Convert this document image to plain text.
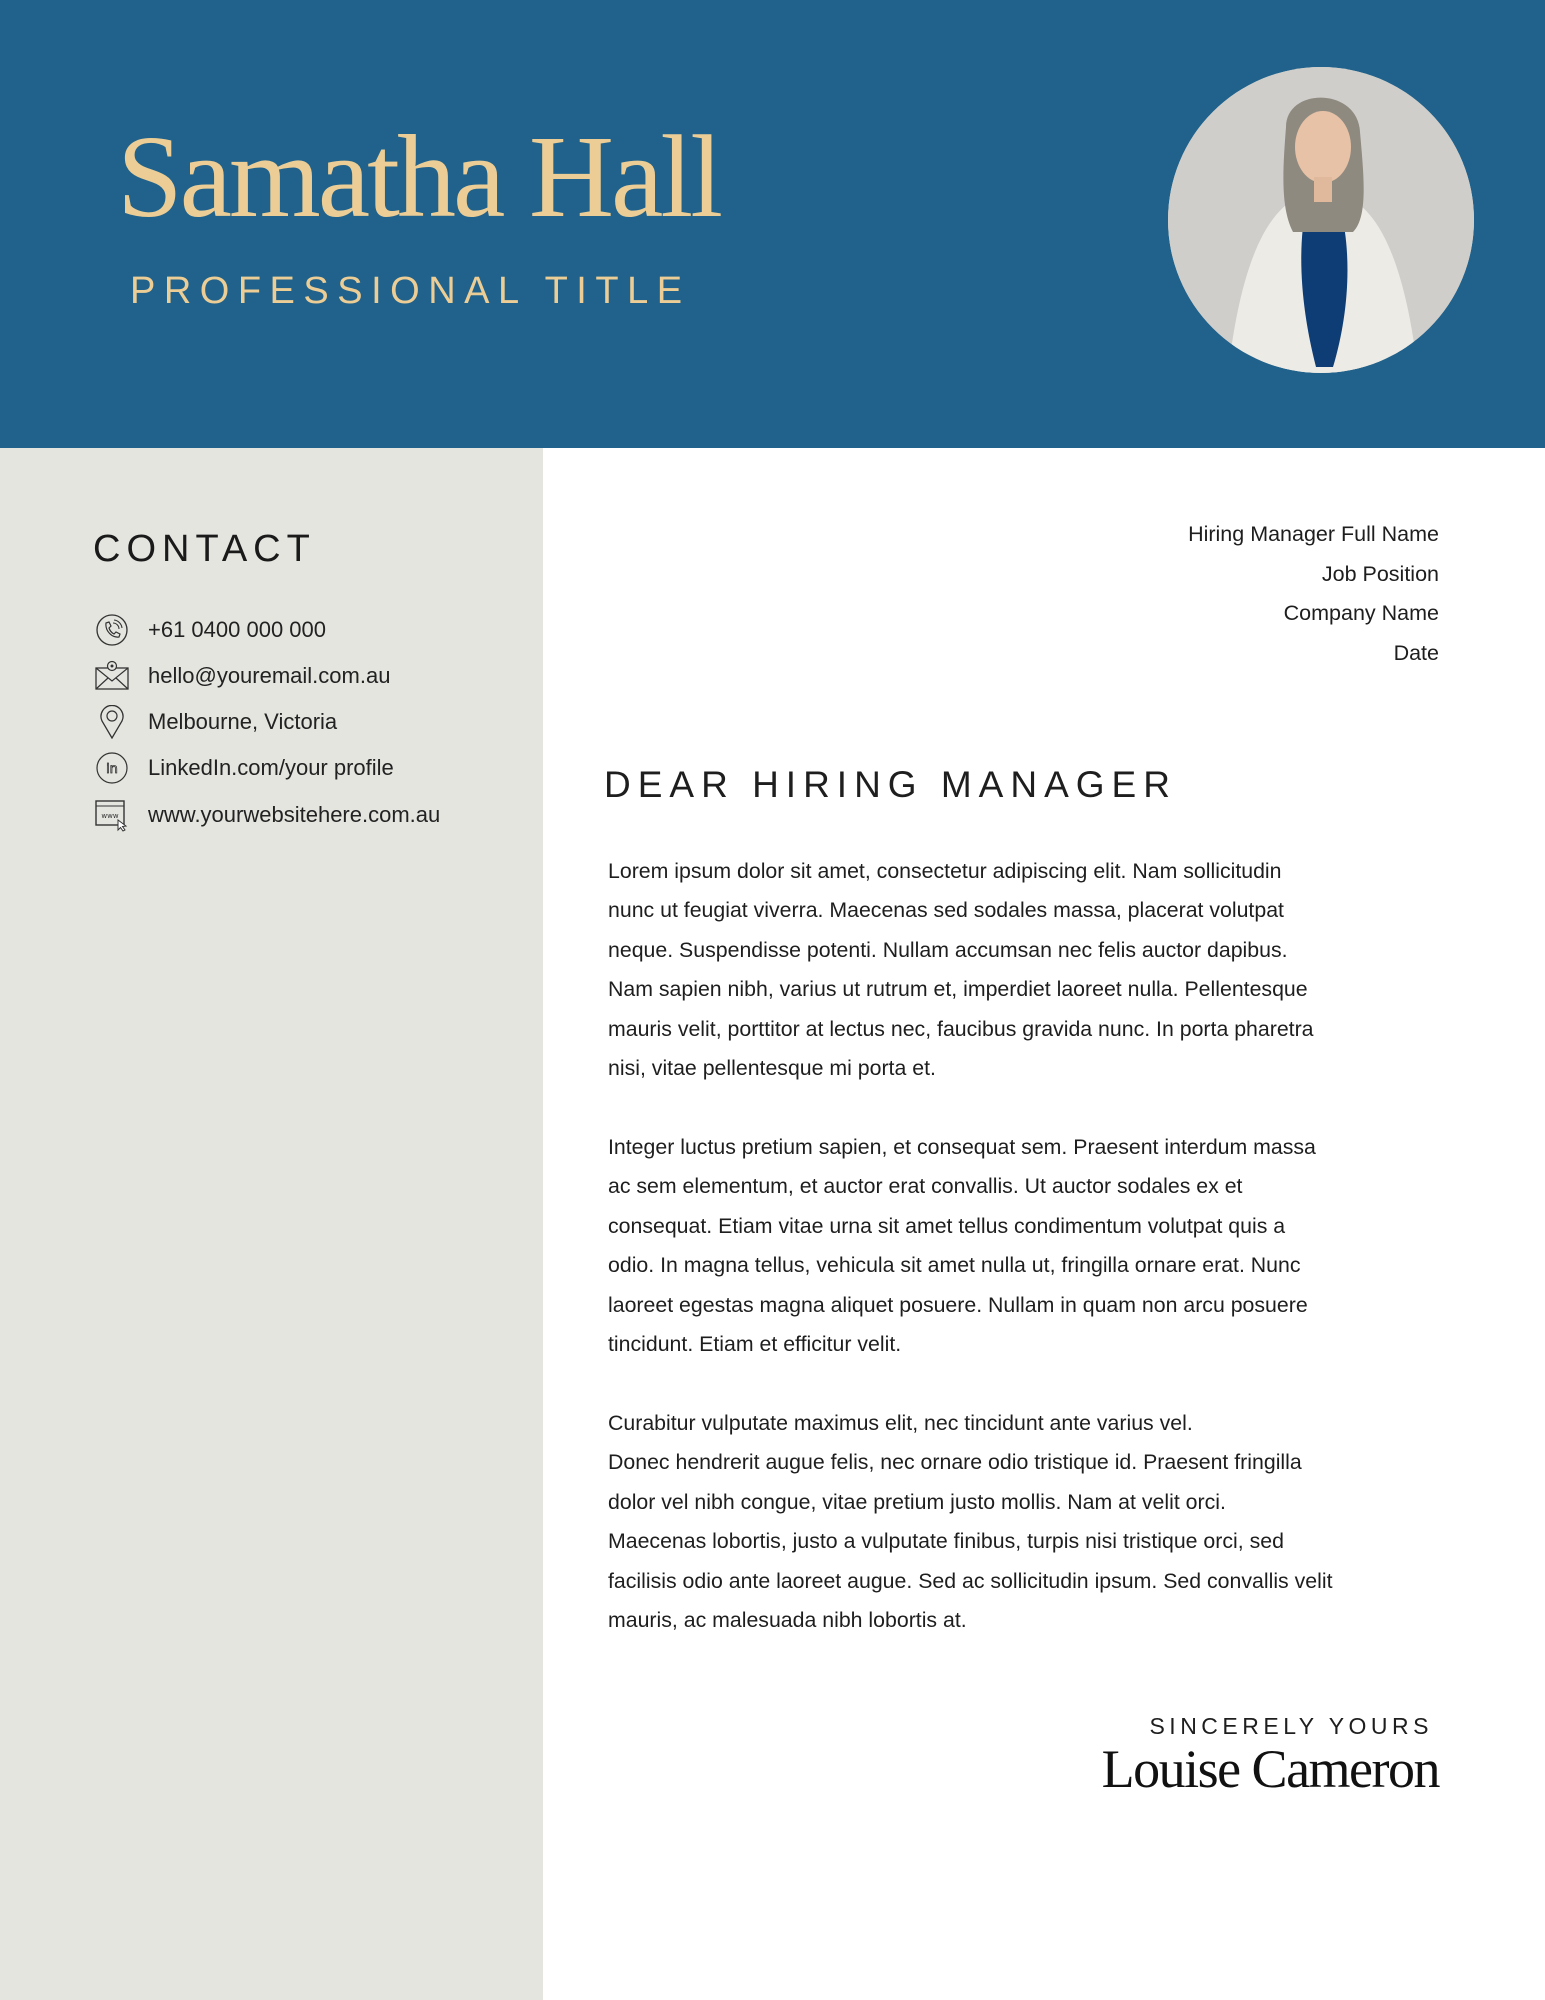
Samatha Hall
PROFESSIONAL TITLE
CONTACT
+61 0400 000 000
hello@youremail.com.au
Melbourne, Victoria
in LinkedIn.com/your profile
www www.yourwebsitehere.com.au
Hiring Manager Full Name
Job Position
Company Name
Date
DEAR HIRING MANAGER
Lorem ipsum dolor sit amet, consectetur adipiscing elit. Nam sollicitudin
nunc ut feugiat viverra. Maecenas sed sodales massa, placerat volutpat
neque. Suspendisse potenti. Nullam accumsan nec felis auctor dapibus.
Nam sapien nibh, varius ut rutrum et, imperdiet laoreet nulla. Pellentesque
mauris velit, porttitor at lectus nec, faucibus gravida nunc. In porta pharetra
nisi, vitae pellentesque mi porta et.
Integer luctus pretium sapien, et consequat sem. Praesent interdum massa
ac sem elementum, et auctor erat convallis. Ut auctor sodales ex et
consequat. Etiam vitae urna sit amet tellus condimentum volutpat quis a
odio. In magna tellus, vehicula sit amet nulla ut, fringilla ornare erat. Nunc
laoreet egestas magna aliquet posuere. Nullam in quam non arcu posuere
tincidunt. Etiam et efficitur velit.
Curabitur vulputate maximus elit, nec tincidunt ante varius vel.
Donec hendrerit augue felis, nec ornare odio tristique id. Praesent fringilla
dolor vel nibh congue, vitae pretium justo mollis. Nam at velit orci.
Maecenas lobortis, justo a vulputate finibus, turpis nisi tristique orci, sed
facilisis odio ante laoreet augue. Sed ac sollicitudin ipsum. Sed convallis velit
mauris, ac malesuada nibh lobortis at.
SINCERELY YOURS
Louise Cameron
